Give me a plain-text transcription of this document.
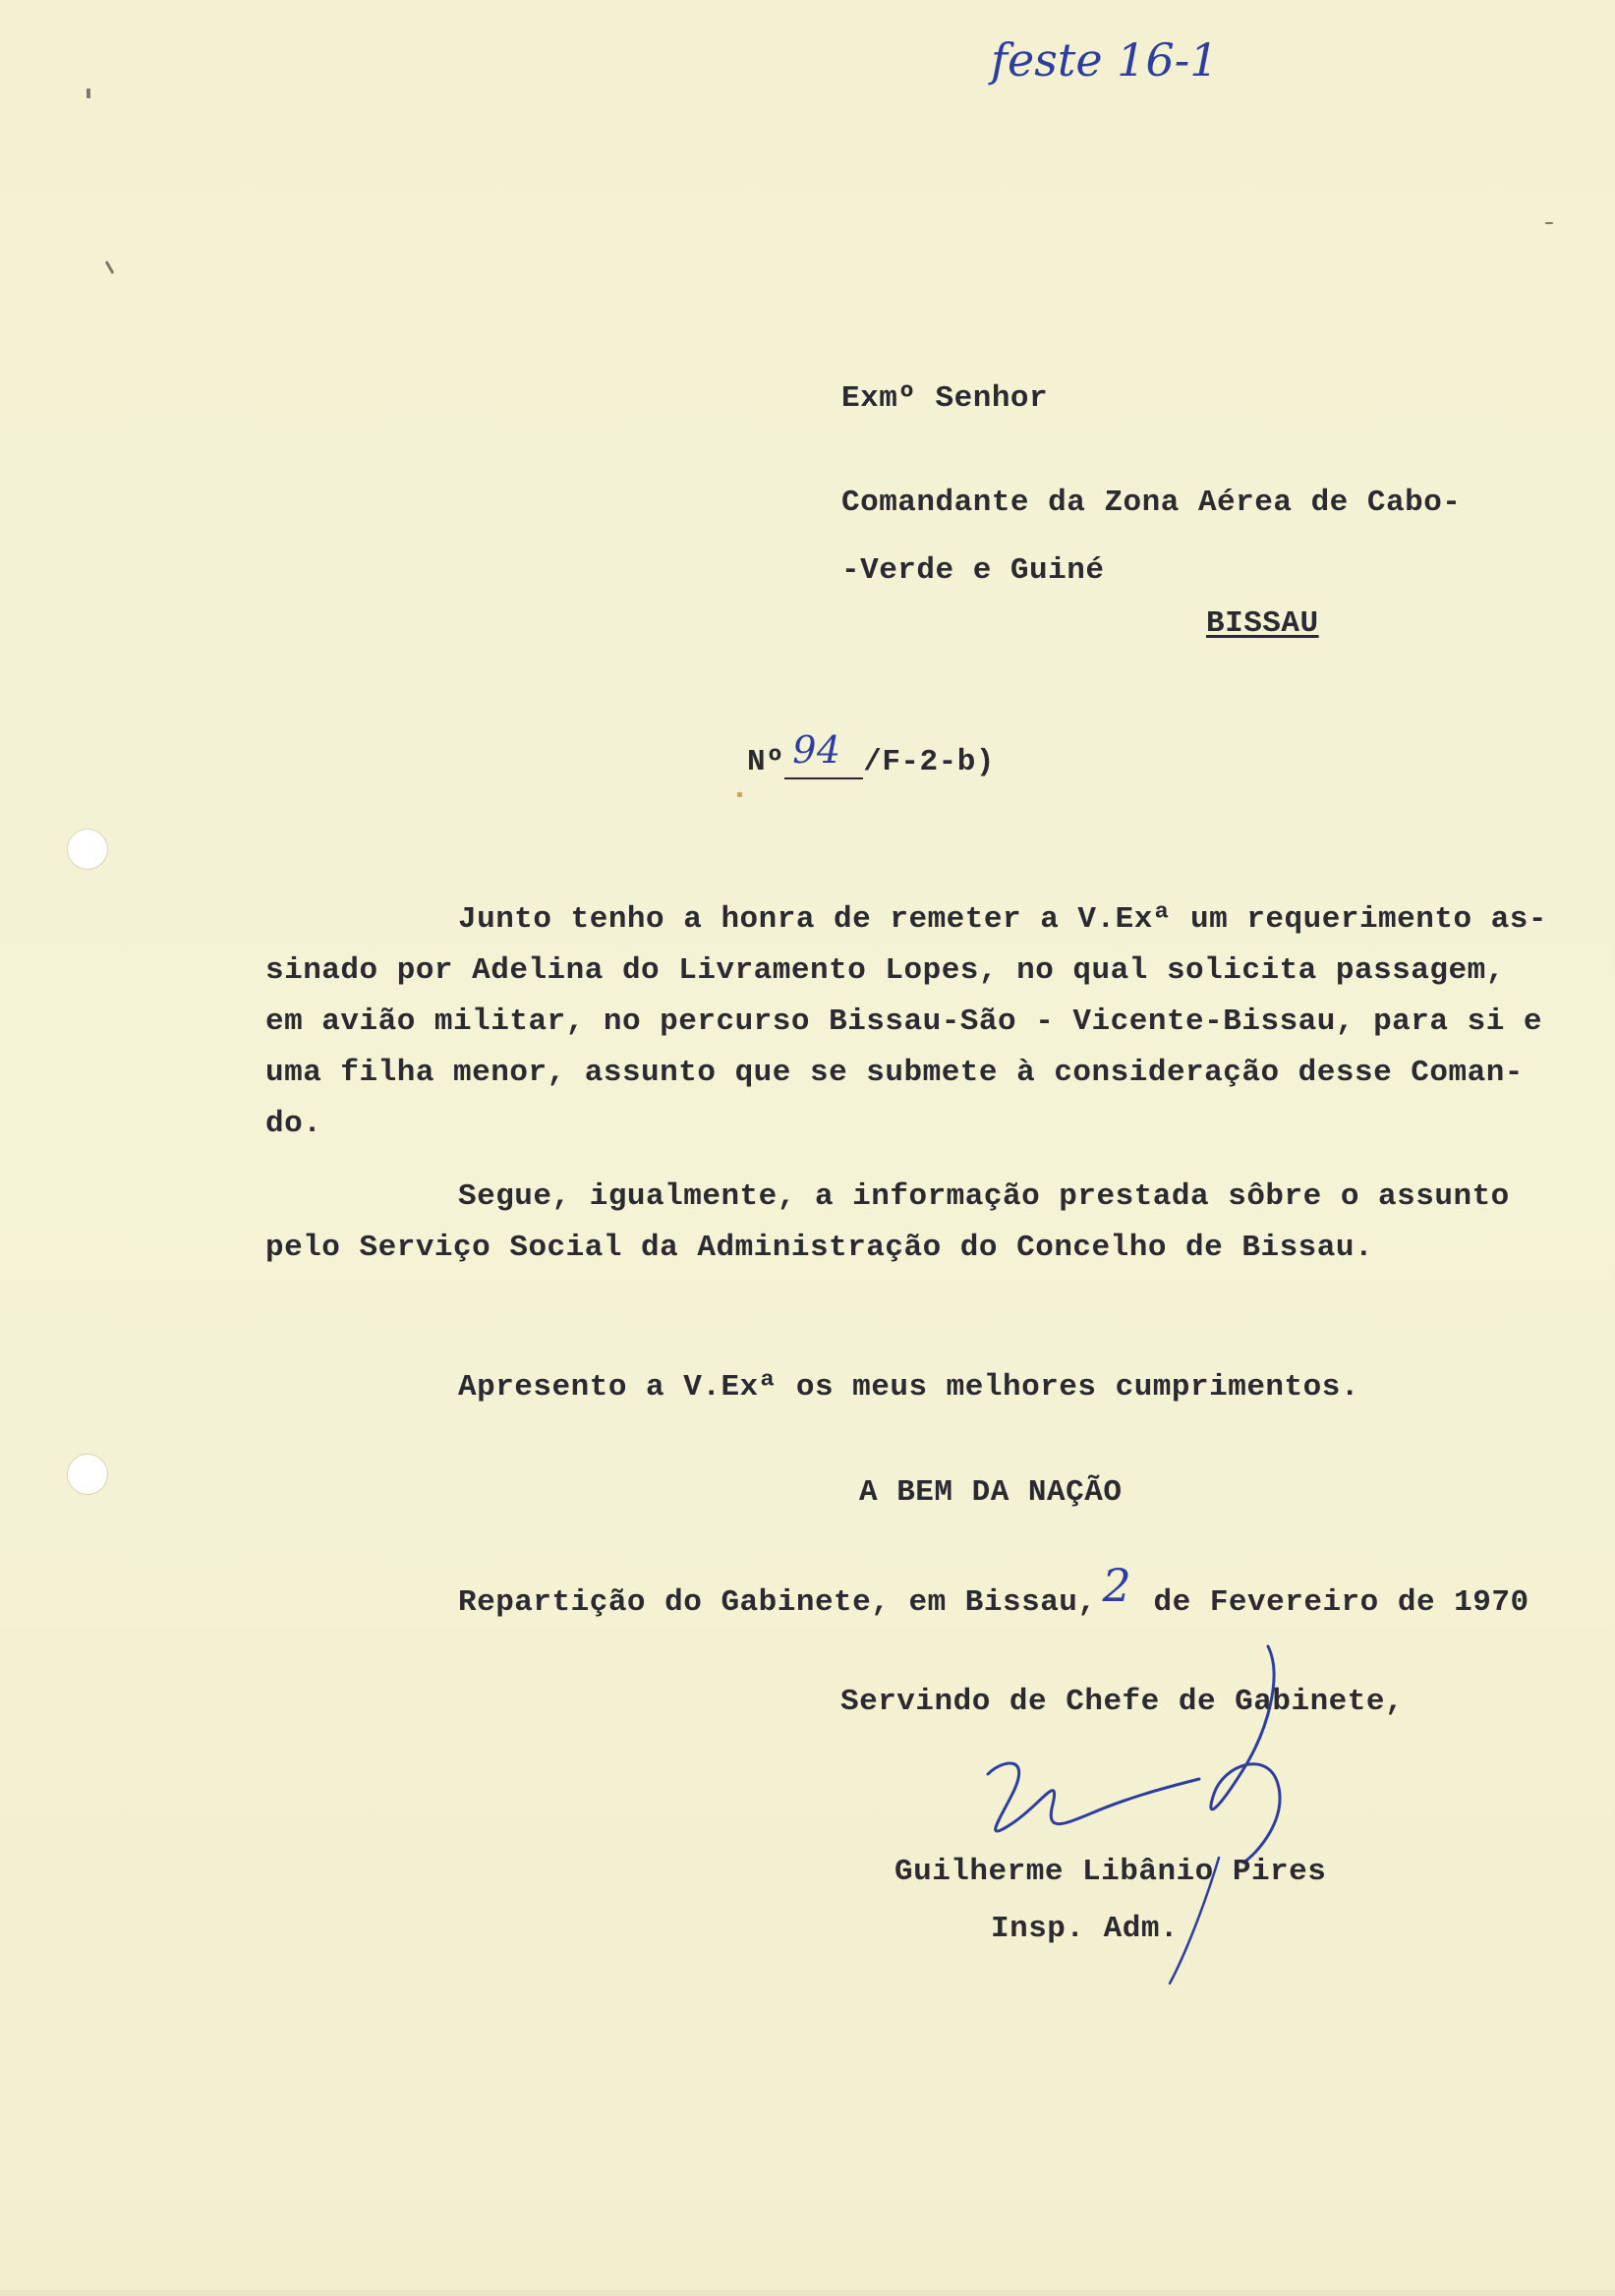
feste 16-1
Exmº Senhor
Comandante da Zona Aérea de Cabo-
-Verde e Guiné
BISSAU
Nº 94 /F-2-b)
Junto tenho a honra de remeter a V.Exª um requerimento as-
sinado por Adelina do Livramento Lopes, no qual solicita passagem,
em avião militar, no percurso Bissau-São - Vicente-Bissau, para si e
uma filha menor, assunto que se submete à consideração desse Coman-
do.
Segue, igualmente, a informação prestada sôbre o assunto
pelo Serviço Social da Administração do Concelho de Bissau.
Apresento a V.Exª os meus melhores cumprimentos.
A BEM DA NAÇÃO
Repartição do Gabinete, em Bissau, 2 de Fevereiro de 1970
Servindo de Chefe de Gabinete,
Guilherme Libânio Pires
Insp. Adm.
